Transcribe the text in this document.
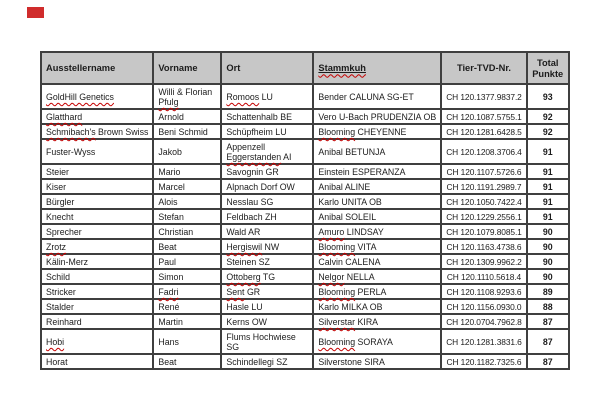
Ausstellername	Vorname	Ort	Stammkuh	Tier-TVD-Nr.	Total Punkte
GoldHill Genetics	Willi & Florian Pfulg	Romoos LU	Bender CALUNA SG-ET	CH 120.1377.9837.2	93
Glatthard	Arnold	Schattenhalb BE	Vero U-Bach PRUDENZIA OB	CH 120.1087.5755.1	92
Schmibach's Brown Swiss	Beni Schmid	Schüpfheim LU	Blooming CHEYENNE	CH 120.1281.6428.5	92
Fuster-Wyss	Jakob	Appenzell Eggerstanden AI	Anibal BETUNJA	CH 120.1208.3706.4	91
Steier	Mario	Savognin GR	Einstein ESPERANZA	CH 120.1107.5726.6	91
Kiser	Marcel	Alpnach Dorf OW	Anibal ALINE	CH 120.1191.2989.7	91
Bürgler	Alois	Nesslau SG	Karlo UNITA OB	CH 120.1050.7422.4	91
Knecht	Stefan	Feldbach ZH	Anibal SOLEIL	CH 120.1229.2556.1	91
Sprecher	Christian	Wald AR	Amuro LINDSAY	CH 120.1079.8085.1	90
Zrotz	Beat	Hergiswil NW	Blooming VITA	CH 120.1163.4738.6	90
Kälin-Merz	Paul	Steinen SZ	Calvin CALENA	CH 120.1309.9962.2	90
Schild	Simon	Ottoberg TG	Nelgor NELLA	CH 120.1110.5618.4	90
Stricker	Fadri	Sent GR	Blooming PERLA	CH 120.1108.9293.6	89
Stalder	René	Hasle LU	Karlo MILKA OB	CH 120.1156.0930.0	88
Reinhard	Martin	Kerns OW	Silverstar KIRA	CH 120.0704.7962.8	87
Hobi	Hans	Flums Hochwiese SG	Blooming SORAYA	CH 120.1281.3831.6	87
Horat	Beat	Schindellegi SZ	Silverstone SIRA	CH 120.1182.7325.6	87
